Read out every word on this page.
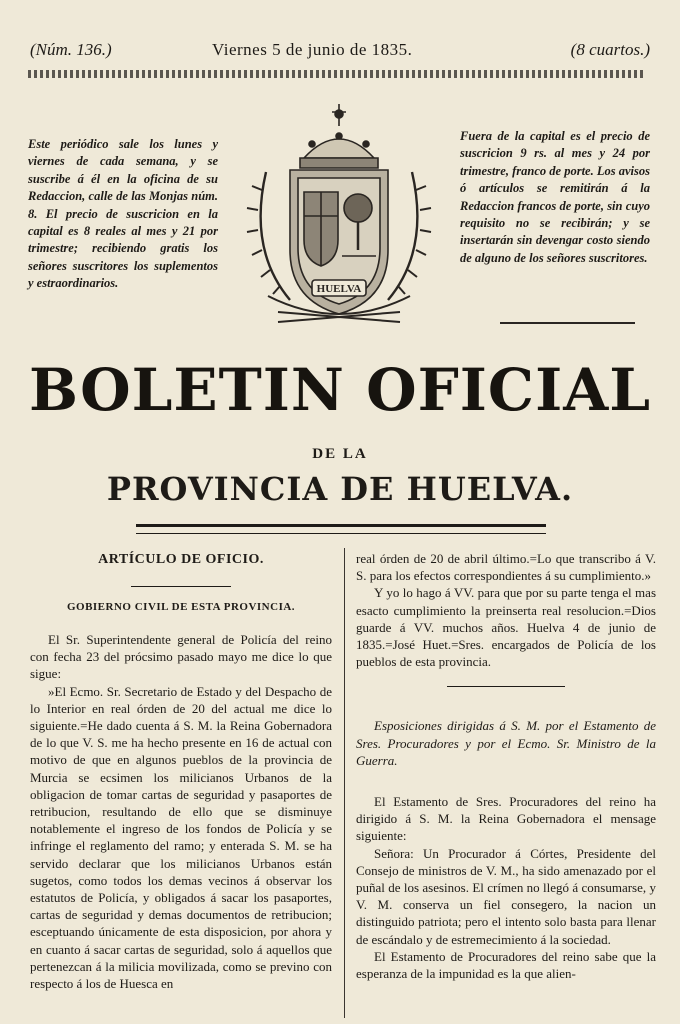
(Núm. 136.)	Viernes 5 de junio de 1835.	(8 cuartos.)
Este periódico sale los lunes y viernes de cada semana, y se suscribe á él en la oficina de su Redaccion, calle de las Monjas núm. 8. El precio de suscricion en la capital es 8 reales al mes y 21 por trimestre; recibiendo gratis los señores suscritores los suplementos y estraordinarios.	HUELVA
Fuera de la capital es el precio de suscricion 9 rs. al mes y 24 por trimestre, franco de porte. Los avisos ó artículos se remitirán á la Redaccion francos de porte, sin cuyo requisito no se recibirán; y se insertarán sin devengar costo siendo de alguno de los señores suscritores.
BOLETIN OFICIAL
DE LA
PROVINCIA DE HUELVA.

ARTÍCULO DE OFICIO.

GOBIERNO CIVIL DE ESTA PROVINCIA.

El Sr. Superintendente general de Policía del reino con fecha 23 del prócsimo pasado mayo me dice lo que sigue:

»El Ecmo. Sr. Secretario de Estado y del Despacho de lo Interior en real órden de 20 del actual me dice lo siguiente.=He dado cuenta á S. M. la Reina Gobernadora de lo que V. S. me ha hecho presente en 16 de actual con motivo de que en algunos pueblos de la provincia de Murcia se ecsimen los milicianos Urbanos de la obligacion de tomar cartas de seguridad y pasaportes de retribucion, resultando de ello que se disminuye notablemente el ingreso de los fondos de Policía y se infringe el reglamento del ramo; y enterada S. M. se ha servido declarar que los milicianos Urbanos están sugetos, como todos los demas vecinos á observar los estatutos de Policía, y obligados á sacar los pasaportes, cartas de seguridad y demas documentos de retribucion; esceptuando únicamente de esta disposicion, por ahora y en cuanto á sacar cartas de seguridad, solo á aquellos que pertenezcan á la milicia movilizada, como se previno con respecto á los de Huesca en

real órden de 20 de abril último.=Lo que transcribo á V. S. para los efectos correspondientes á su cumplimiento.»

Y yo lo hago á VV. para que por su parte tenga el mas esacto cumplimiento la preinserta real resolucion.=Dios guarde á VV. muchos años. Huelva 4 de junio de 1835.=José Huet.=Sres. encargados de Policía de los pueblos de esta provincia.

Esposiciones dirigidas á S. M. por el Estamento de Sres. Procuradores y por el Ecmo. Sr. Ministro de la Guerra.

El Estamento de Sres. Procuradores del reino ha dirigido á S. M. la Reina Gobernadora el mensage siguiente:

Señora: Un Procurador á Córtes, Presidente del Consejo de ministros de V. M., ha sido amenazado por el puñal de los asesinos. El crímen no llegó á consumarse, y V. M. conserva un fiel consegero, la nacion un distinguido patriota; pero el intento solo basta para llenar de escándalo y de estremecimiento á la sociedad.

El Estamento de Procuradores del reino sabe que la esperanza de la impunidad es la que alien-
